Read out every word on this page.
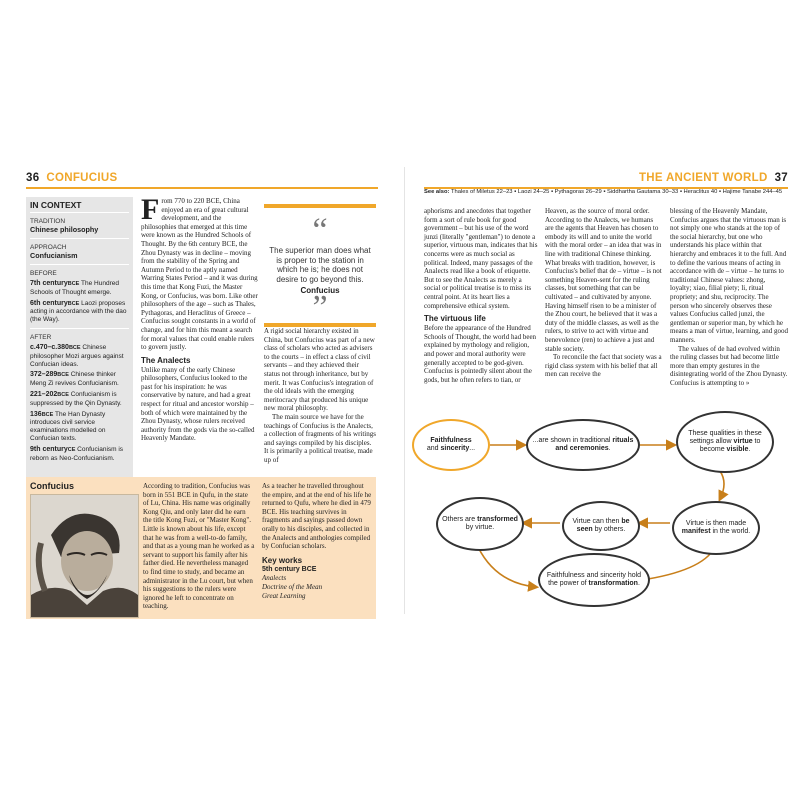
36 CONFUCIUS	THE ANCIENT WORLD 37
IN CONTEXT
TRADITION
Chinese philosophy
APPROACH
Confucianism
BEFORE
7th centuryBCE The Hundred Schools of Thought emerge.
6th centuryBCE Laozi proposes acting in accordance with the dao (the Way).
AFTER
c.470–c.380BCE Chinese philosopher Mozi argues against Confucian ideas.
372–289BCE Chinese thinker Meng Zi revives Confucianism.
221–202BCE Confucianism is suppressed by the Qin Dynasty.
136BCE The Han Dynasty introduces civil service examinations modelled on Confucian texts.
9th centuryCE Confucianism is reborn as Neo-Confucianism.

From 770 to 220 BCE, China enjoyed an era of great cultural development, and the philosophies that emerged at this time were known as the Hundred Schools of Thought. By the 6th century BCE, the Zhou Dynasty was in decline – moving from the stability of the Spring and Autumn Period to the aptly named Warring States Period – and it was during this time that Kong Fuzi, the Master Kong, or Confucius, was born. Like other philosophers of the age – such as Thales, Pythagoras, and Heraclitus of Greece – Confucius sought constants in a world of change, and for him this meant a search for moral values that could enable rulers to govern justly.

The Analects

Unlike many of the early Chinese philosophers, Confucius looked to the past for his inspiration: he was conservative by nature, and had a great respect for ritual and ancestor worship – both of which were maintained by the Zhou Dynasty, whose rulers received authority from the gods via the so-called Heavenly Mandate.

“
The superior man does what is proper to the station in which he is; he does not desire to go beyond this.
Confucius
”

A rigid social hierarchy existed in China, but Confucius was part of a new class of scholars who acted as advisers to the courts – in effect a class of civil servants – and they achieved their status not through inheritance, but by merit. It was Confucius's integration of the old ideals with the emerging meritocracy that produced his unique new moral philosophy.

The main source we have for the teachings of Confucius is the Analects, a collection of fragments of his writings and sayings compiled by his disciples. It is primarily a political treatise, made up of

Confucius	According to tradition, Confucius was born in 551 BCE in Qufu, in the state of Lu, China. His name was originally Kong Qiu, and only later did he earn the title Kong Fuzi, or "Master Kong". Little is known about his life, except that he was from a well-to-do family, and that as a young man he worked as a servant to support his family after his father died. He nevertheless managed to find time to study, and became an administrator in the Lu court, but when his suggestions to the rulers were ignored he left to concentrate on teaching.

As a teacher he travelled throughout the empire, and at the end of his life he returned to Qufu, where he died in 479 BCE. His teaching survives in fragments and sayings passed down orally to his disciples, and collected in the Analects and anthologies compiled by Confucian scholars.

Key works

5th century BCE

Analects

Doctrine of the Mean

Great Learning

See also: Thales of Miletus 22–23 ▪ Laozi 24–25 ▪ Pythagoras 26–29 ▪ Siddhartha Gautama 30–33 ▪ Heraclitus 40 ▪ Hajime Tanabe 244–45

aphorisms and anecdotes that together form a sort of rule book for good government – but his use of the word junzi (literally "gentleman") to denote a superior, virtuous man, indicates that his concerns were as much social as political. Indeed, many passages of the Analects read like a book of etiquette. But to see the Analects as merely a social or political treatise is to miss its central point. At its heart lies a comprehensive ethical system.

The virtuous life

Before the appearance of the Hundred Schools of Thought, the world had been explained by mythology and religion, and power and moral authority were generally accepted to be god-given. Confucius is pointedly silent about the gods, but he often refers to tian, or

Heaven, as the source of moral order. According to the Analects, we humans are the agents that Heaven has chosen to embody its will and to unite the world with the moral order – an idea that was in line with traditional Chinese thinking. What breaks with tradition, however, is Confucius's belief that de – virtue – is not something Heaven-sent for the ruling classes, but something that can be cultivated – and cultivated by anyone. Having himself risen to be a minister of the Zhou court, he believed that it was a duty of the middle classes, as well as the rulers, to strive to act with virtue and benevolence (ren) to achieve a just and stable society.

To reconcile the fact that society was a rigid class system with his belief that all men can receive the

blessing of the Heavenly Mandate, Confucius argues that the virtuous man is not simply one who stands at the top of the social hierarchy, but one who understands his place within that hierarchy and embraces it to the full. And to define the various means of acting in accordance with de – virtue – he turns to traditional Chinese values: zhong, loyalty; xiao, filial piety; li, ritual propriety; and shu, reciprocity. The person who sincerely observes these values Confucius called junzi, the gentleman or superior man, by which he means a man of virtue, learning, and good manners.

The values of de had evolved within the ruling classes but had become little more than empty gestures in the disintegrating world of the Zhou Dynasty. Confucius is attempting to »

Faithfulness
and sincerity...
...are shown in traditional rituals and ceremonies.
These qualities in these settings allow virtue to become visible.
Virtue is then made manifest in the world.
Virtue can then be seen by others.
Others are transformed by virtue.
Faithfulness and sincerity hold the power of transformation.
